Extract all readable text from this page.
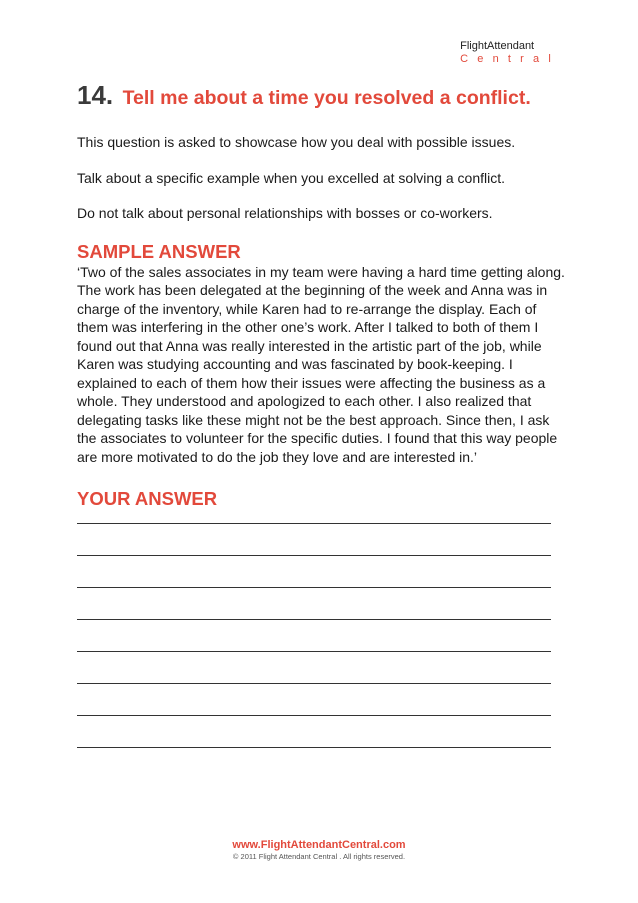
FlightAttendant
Central
14. Tell me about a time you resolved a conflict.

This question is asked to showcase how you deal with possible issues.

Talk about a specific example when you excelled at solving a conflict.

Do not talk about personal relationships with bosses or co-workers.

SAMPLE ANSWER

‘Two of the sales associates in my team were having a hard time getting along. The work has been delegated at the beginning of the week and Anna was in charge of the inventory, while Karen had to re-arrange the display. Each of them was interfering in the other one’s work. After I talked to both of them I found out that Anna was really interested in the artistic part of the job, while Karen was studying accounting and was fascinated by book-keeping. I explained to each of them how their issues were affecting the business as a whole. They understood and apologized to each other. I also realized that delegating tasks like these might not be the best approach. Since then, I ask the associates to volunteer for the specific duties. I found that this way people are more motivated to do the job they love and are interested in.’

YOUR ANSWER
www.FlightAttendantCentral.com
© 2011 Flight Attendant Central . All rights reserved.
